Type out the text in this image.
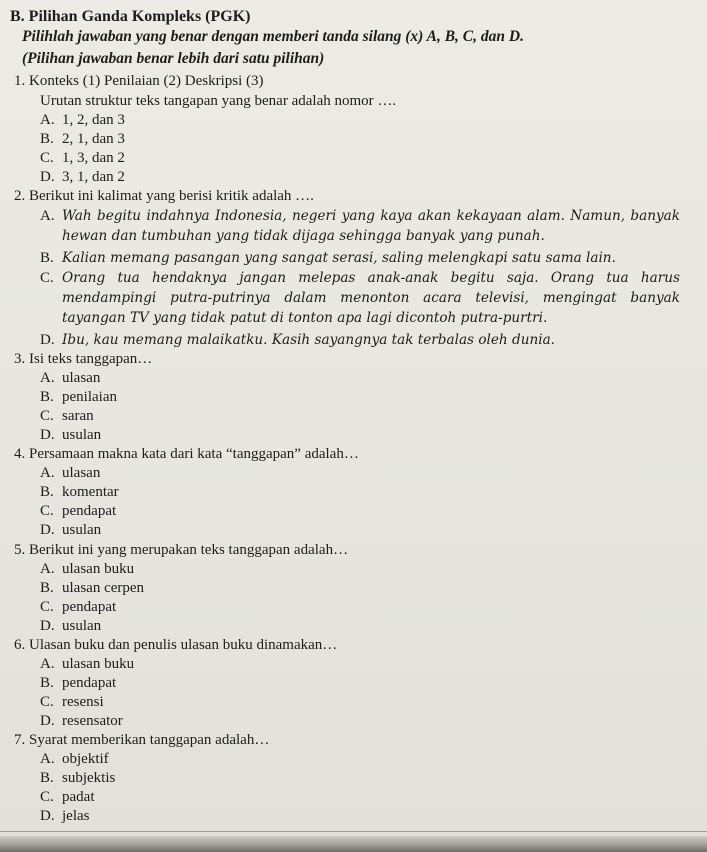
B. Pilihan Ganda Kompleks (PGK)
Pilihlah jawaban yang benar dengan memberi tanda silang (x) A, B, C, dan D.
(Pilihan jawaban benar lebih dari satu pilihan)
1. Konteks (1) Penilaian (2) Deskripsi (3)
Urutan struktur teks tangapan yang benar adalah nomor ….
A. 1, 2, dan 3
B. 2, 1, dan 3
C. 1, 3, dan 2
D. 3, 1, dan 2
2. Berikut ini kalimat yang berisi kritik adalah ….
A. Wah begitu indahnya Indonesia, negeri yang kaya akan kekayaan alam. Namun, banyak hewan dan tumbuhan yang tidak dijaga sehingga banyak yang punah.
B. Kalian memang pasangan yang sangat serasi, saling melengkapi satu sama lain.
C. Orang tua hendaknya jangan melepas anak-anak begitu saja. Orang tua harus mendampingi putra-putrinya dalam menonton acara televisi, mengingat banyak tayangan TV yang tidak patut di tonton apa lagi dicontoh putra-purtri.
D. Ibu, kau memang malaikatku. Kasih sayangnya tak terbalas oleh dunia.
3. Isi teks tanggapan…
A. ulasan
B. penilaian
C. saran
D. usulan
4. Persamaan makna kata dari kata “tanggapan” adalah…
A. ulasan
B. komentar
C. pendapat
D. usulan
5. Berikut ini yang merupakan teks tanggapan adalah…
A. ulasan buku
B. ulasan cerpen
C. pendapat
D. usulan
6. Ulasan buku dan penulis ulasan buku dinamakan…
A. ulasan buku
B. pendapat
C. resensi
D. resensator
7. Syarat memberikan tanggapan adalah…
A. objektif
B. subjektis
C. padat
D. jelas
